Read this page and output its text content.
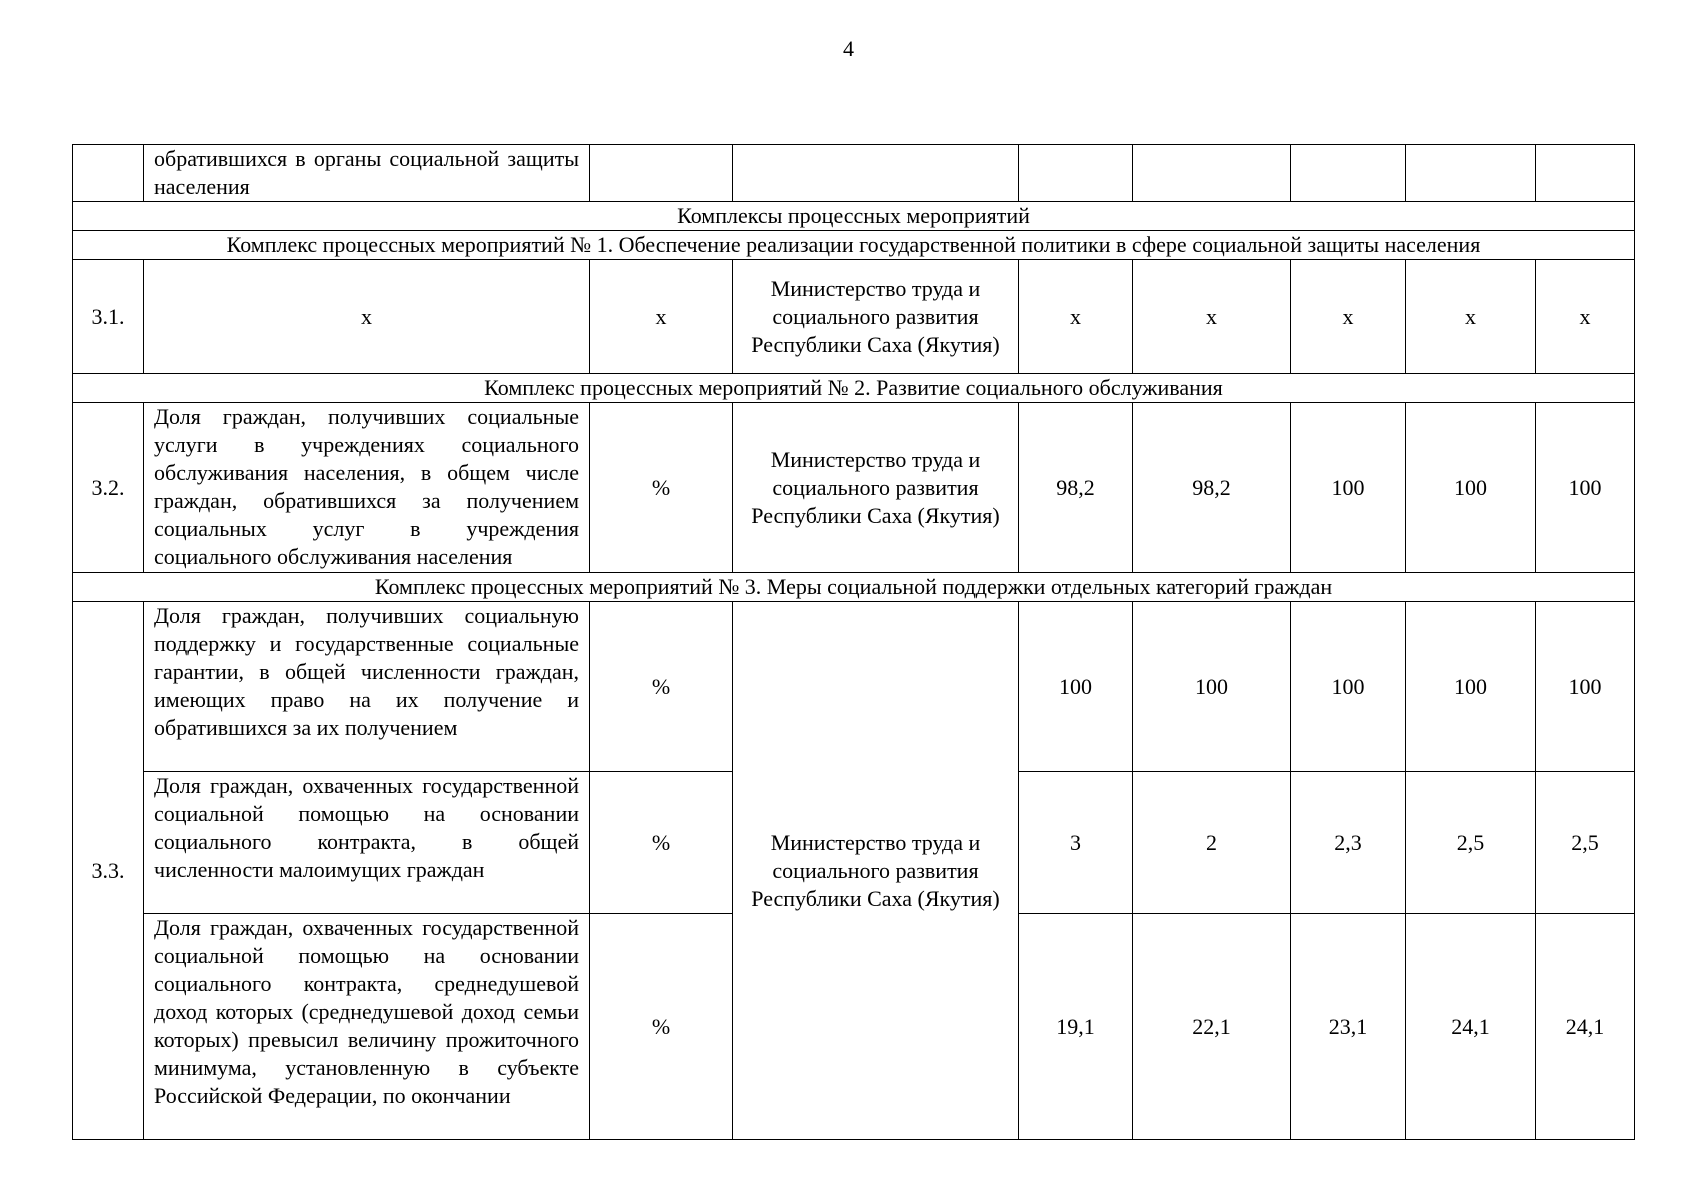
4
	обратившихся в органы социальной защиты населения							
Комплексы процессных мероприятий								
Комплекс процессных мероприятий № 1. Обеспечение реализации государственной политики в сфере социальной защиты населения								
3.1.	x	x	Министерство труда и социального развития Республики Саха (Якутия)	x	x	x	x	x
Комплекс процессных мероприятий № 2. Развитие социального обслуживания								
3.2.	Доля граждан, получивших социальные услуги в учреждениях социального обслуживания населения, в общем числе граждан, обратившихся за получением социальных услуг в учреждения социального обслуживания населения	%	Министерство труда и социального развития Республики Саха (Якутия)	98,2	98,2	100	100	100
Комплекс процессных мероприятий № 3. Меры социальной поддержки отдельных категорий граждан								
3.3.	Доля граждан, получивших социальную поддержку и государственные социальные гарантии, в общей численности граждан, имеющих право на их получение и обратившихся за их получением	%	Министерство труда и социального развития Республики Саха (Якутия)	100	100	100	100	100
	Доля граждан, охваченных государственной социальной помощью на основании социального контракта, в общей численности малоимущих граждан	%		3	2	2,3	2,5	2,5
	Доля граждан, охваченных государственной социальной помощью на основании социального контракта, среднедушевой доход которых (среднедушевой доход семьи которых) превысил величину прожиточного минимума, установленную в субъекте Российской Федерации, по окончании	%		19,1	22,1	23,1	24,1	24,1
